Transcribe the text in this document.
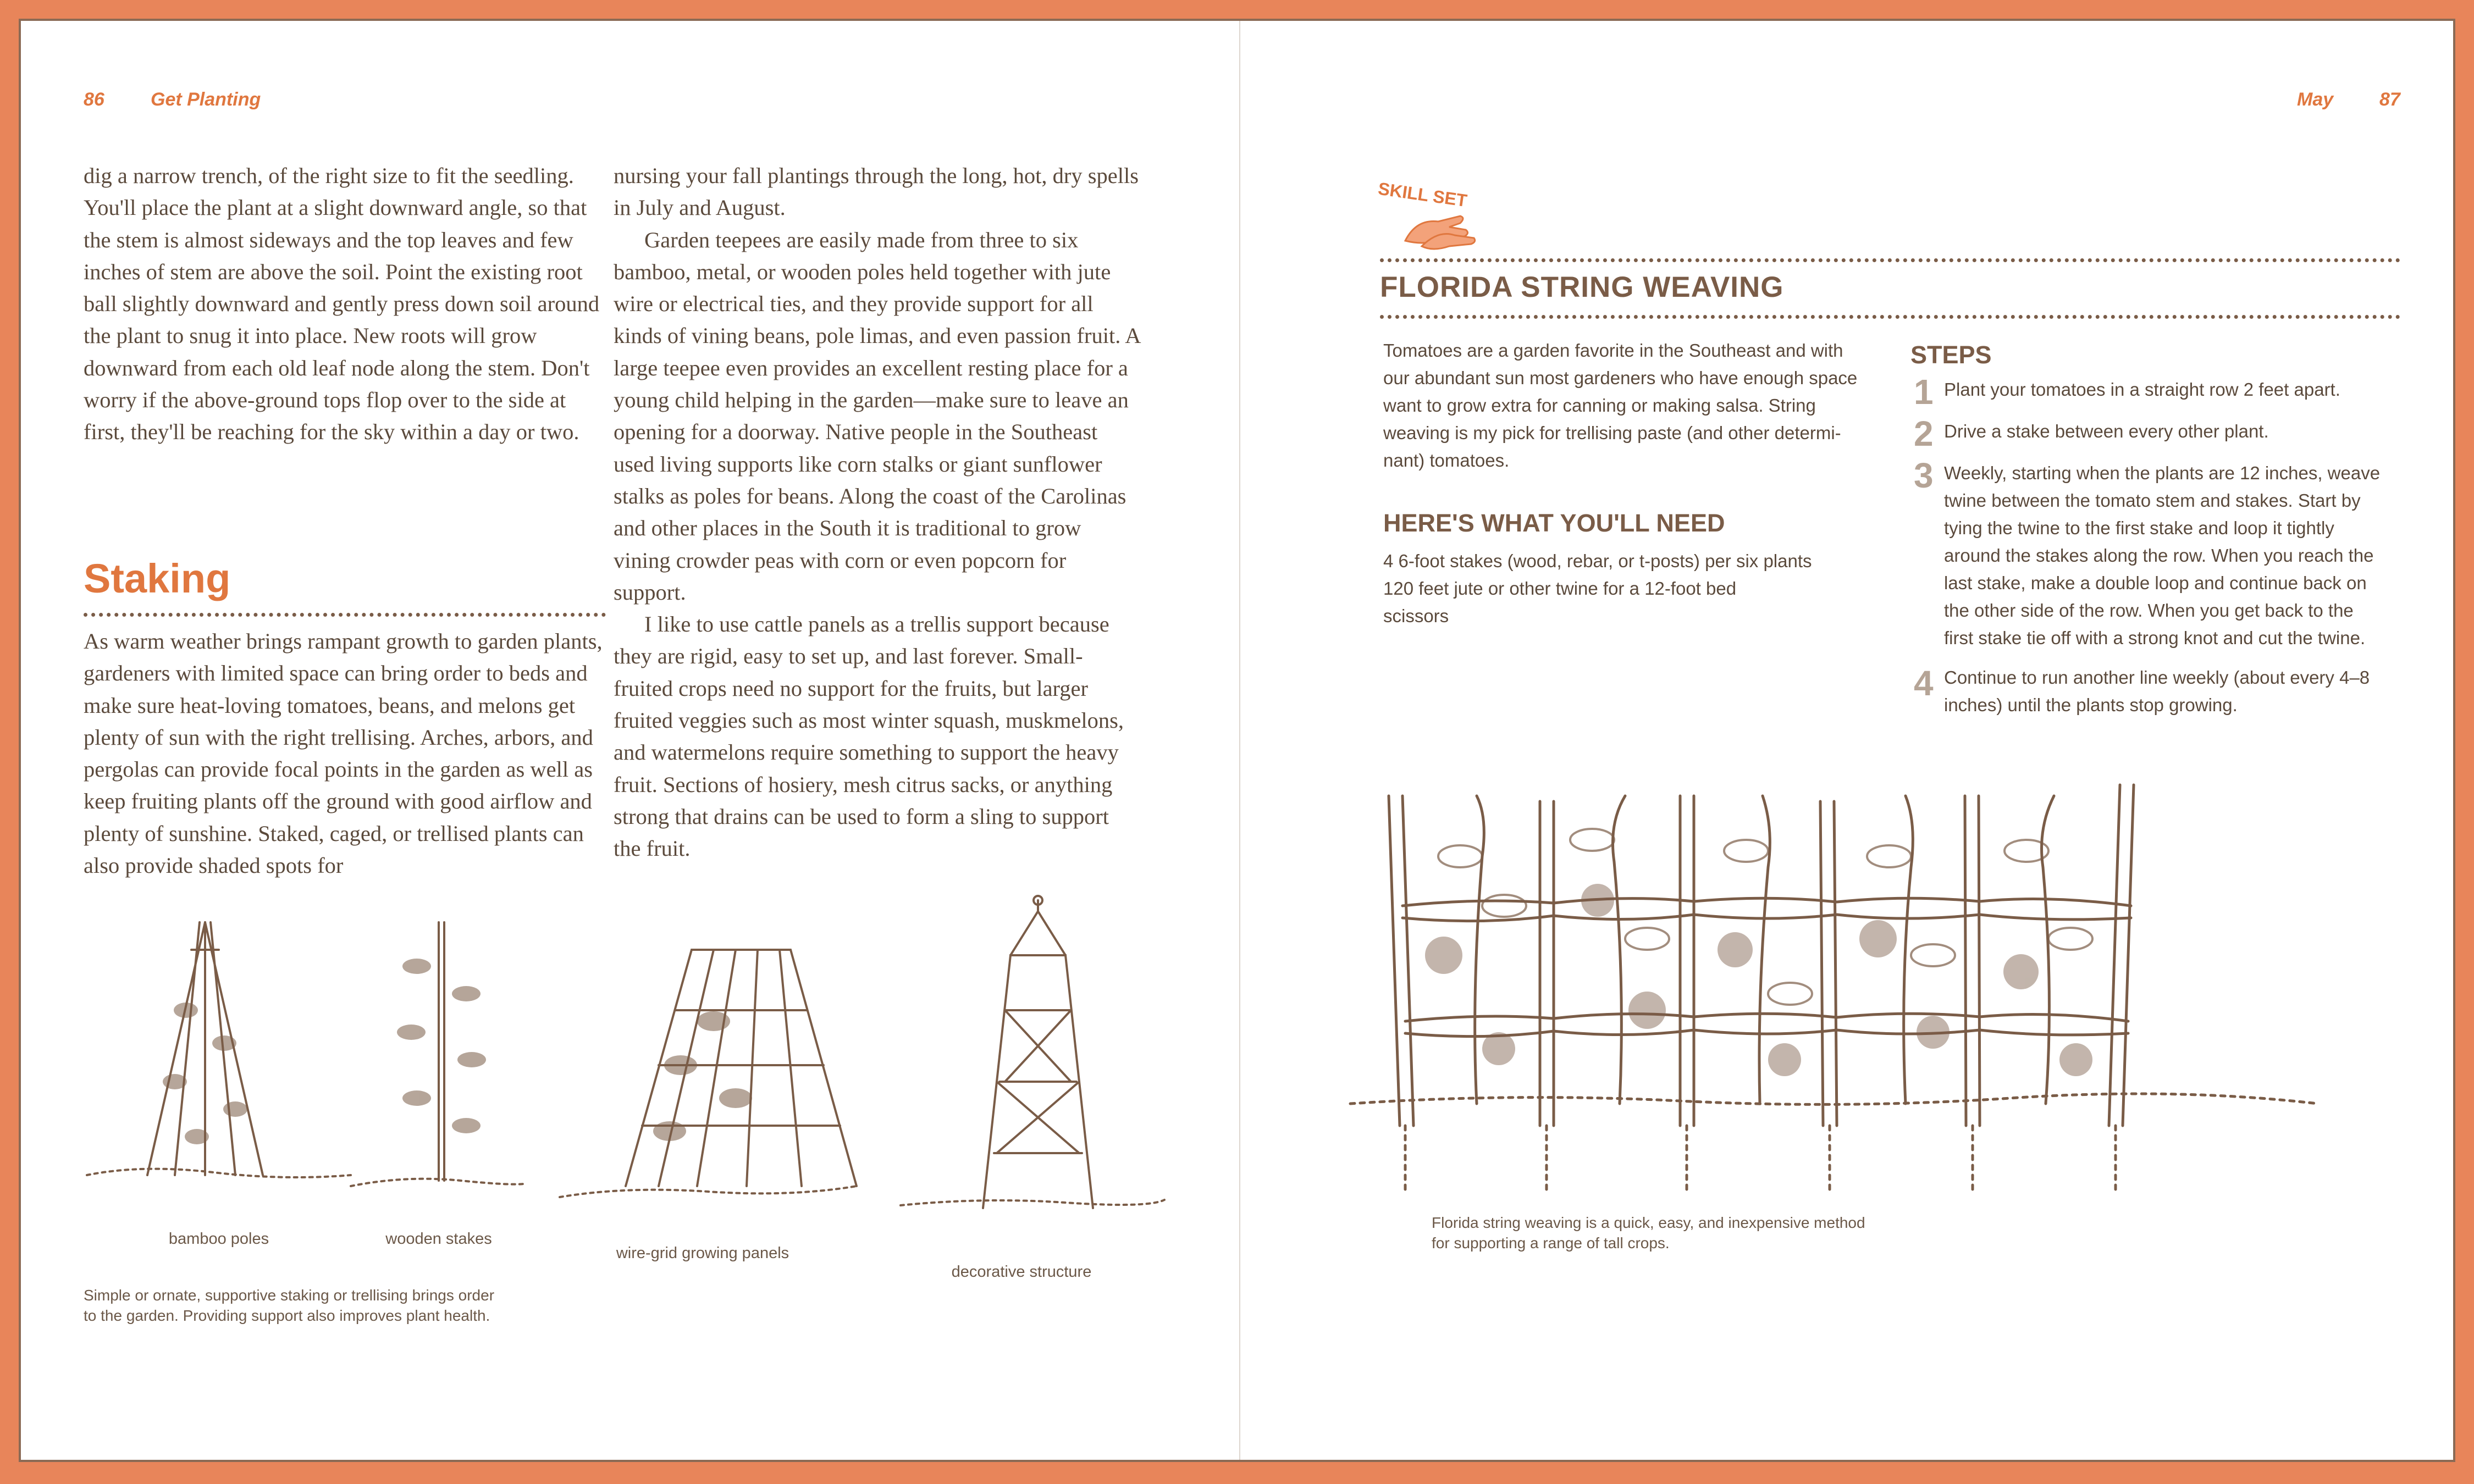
86 Get Planting

dig a narrow trench, of the right size to fit the seedling. You'll place the plant at a slight downward angle, so that the stem is almost sideways and the top leaves and few inches of stem are above the soil. Point the existing root ball slightly downward and gently press down soil around the plant to snug it into place. New roots will grow downward from each old leaf node along the stem. Don't worry if the above-ground tops flop over to the side at first, they'll be reaching for the sky within a day or two.

Staking

As warm weather brings rampant growth to garden plants, gardeners with limited space can bring order to beds and make sure heat-loving tomatoes, beans, and melons get plenty of sun with the right trellising. Arches, arbors, and pergolas can provide focal points in the garden as well as keep fruiting plants off the ground with good airflow and plenty of sunshine. Staked, caged, or trellised plants can also provide shaded spots for

nursing your fall plantings through the long, hot, dry spells in July and August.

Garden teepees are easily made from three to six bamboo, metal, or wooden poles held together with jute wire or electrical ties, and they provide support for all kinds of vining beans, pole limas, and even passion fruit. A large teepee even provides an excellent resting place for a young child helping in the garden—make sure to leave an opening for a doorway. Native people in the Southeast used living supports like corn stalks or giant sunflower stalks as poles for beans. Along the coast of the Carolinas and other places in the South it is traditional to grow vining crowder peas with corn or even popcorn for support.

I like to use cattle panels as a trellis support because they are rigid, easy to set up, and last forever. Small-fruited crops need no support for the fruits, but larger fruited veggies such as most winter squash, muskmelons, and watermelons require something to support the heavy fruit. Sections of hosiery, mesh citrus sacks, or anything strong that drains can be used to form a sling to support the fruit.

bamboo poles	wooden stakes
wire-grid growing panels
decorative structure
Simple or ornate, supportive staking or trellising brings order
to the garden. Providing support also improves plant health.
May 87
SKILL SET
FLORIDA STRING WEAVING
Tomatoes are a garden favorite in the Southeast and with
our abundant sun most gardeners who have enough space
want to grow extra for canning or making salsa. String
weaving is my pick for trellising paste (and other determi-
nant) tomatoes.
HERE'S WHAT YOU'LL NEED
4 6-foot stakes (wood, rebar, or t-posts) per six plants
120 feet jute or other twine for a 12-foot bed
scissors
STEPS
1 Plant your tomatoes in a straight row 2 feet apart.
2 Drive a stake between every other plant.
3 Weekly, starting when the plants are 12 inches, weave
twine between the tomato stem and stakes. Start by
tying the twine to the first stake and loop it tightly
around the stakes along the row. When you reach the
last stake, make a double loop and continue back on
the other side of the row. When you get back to the
first stake tie off with a strong knot and cut the twine.
4 Continue to run another line weekly (about every 4–8
inches) until the plants stop growing.
Florida string weaving is a quick, easy, and inexpensive method
for supporting a range of tall crops.
